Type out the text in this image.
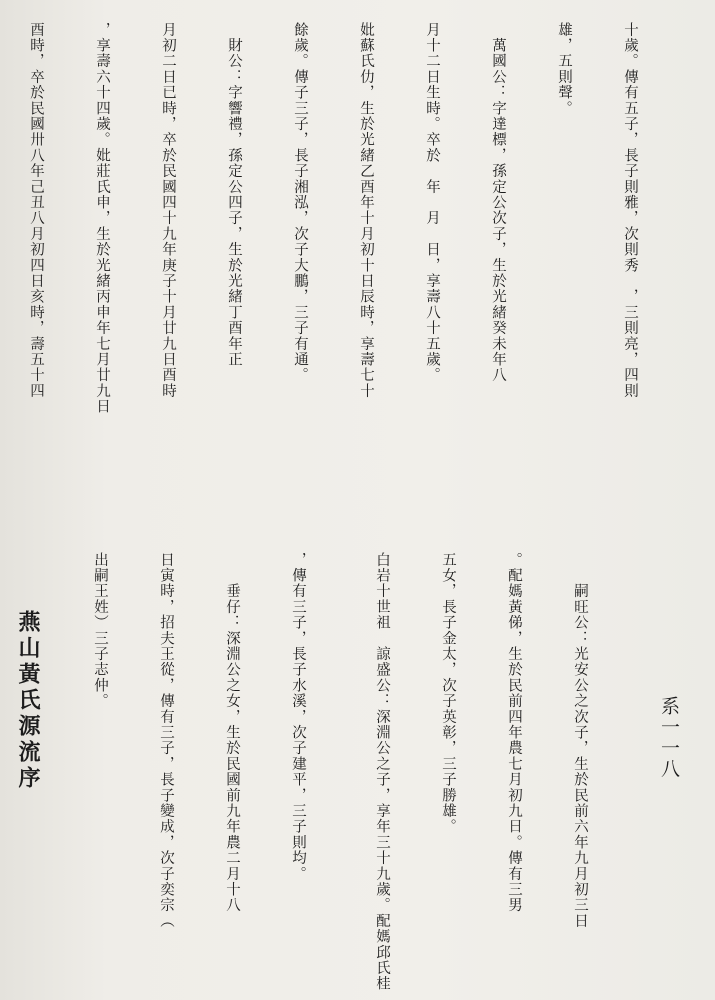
系一一八

十歲。傳有五子，長子則雅，次則秀　，三則亮，四則

雄，五則聲。

　萬國公：字達標，孫定公次子，生於光緒癸未年八

月十二日生時。卒於　年　月　日，享壽八十五歲。

妣蘇氏仂，生於光緒乙酉年十月初十日辰時，享壽七十

餘歲。傳子三子，長子湘泓，次子大鵬，三子有通。

　財公：字響禮，孫定公四子，生於光緒丁酉年正

月初二日已時，卒於民國四十九年庚子十月廿九日酉時

，享壽六十四歲。妣莊氏申，生於光緒丙申年七月廿九日

酉時，卒於民國卅八年己丑八月初四日亥時，壽五十四

　　嗣旺公：光安公之次子，生於民前六年九月初三日

。配媽黃俤，生於民前四年農七月初九日。傳有三男

五女，長子金太，次子英彰，三子勝雄。

白岩十世祖　諒盛公：深淵公之子，享年三十九歲。配媽邱氏桂

，傳有三子，長子水溪，次子建平，三子則均。

　　垂仔：深淵公之女，生於民國前九年農二月十八

日寅時，招夫王從，傳有三子，長子變成，次子奕宗（

出嗣王姓）三子志仲。

燕山黃氏源流序
